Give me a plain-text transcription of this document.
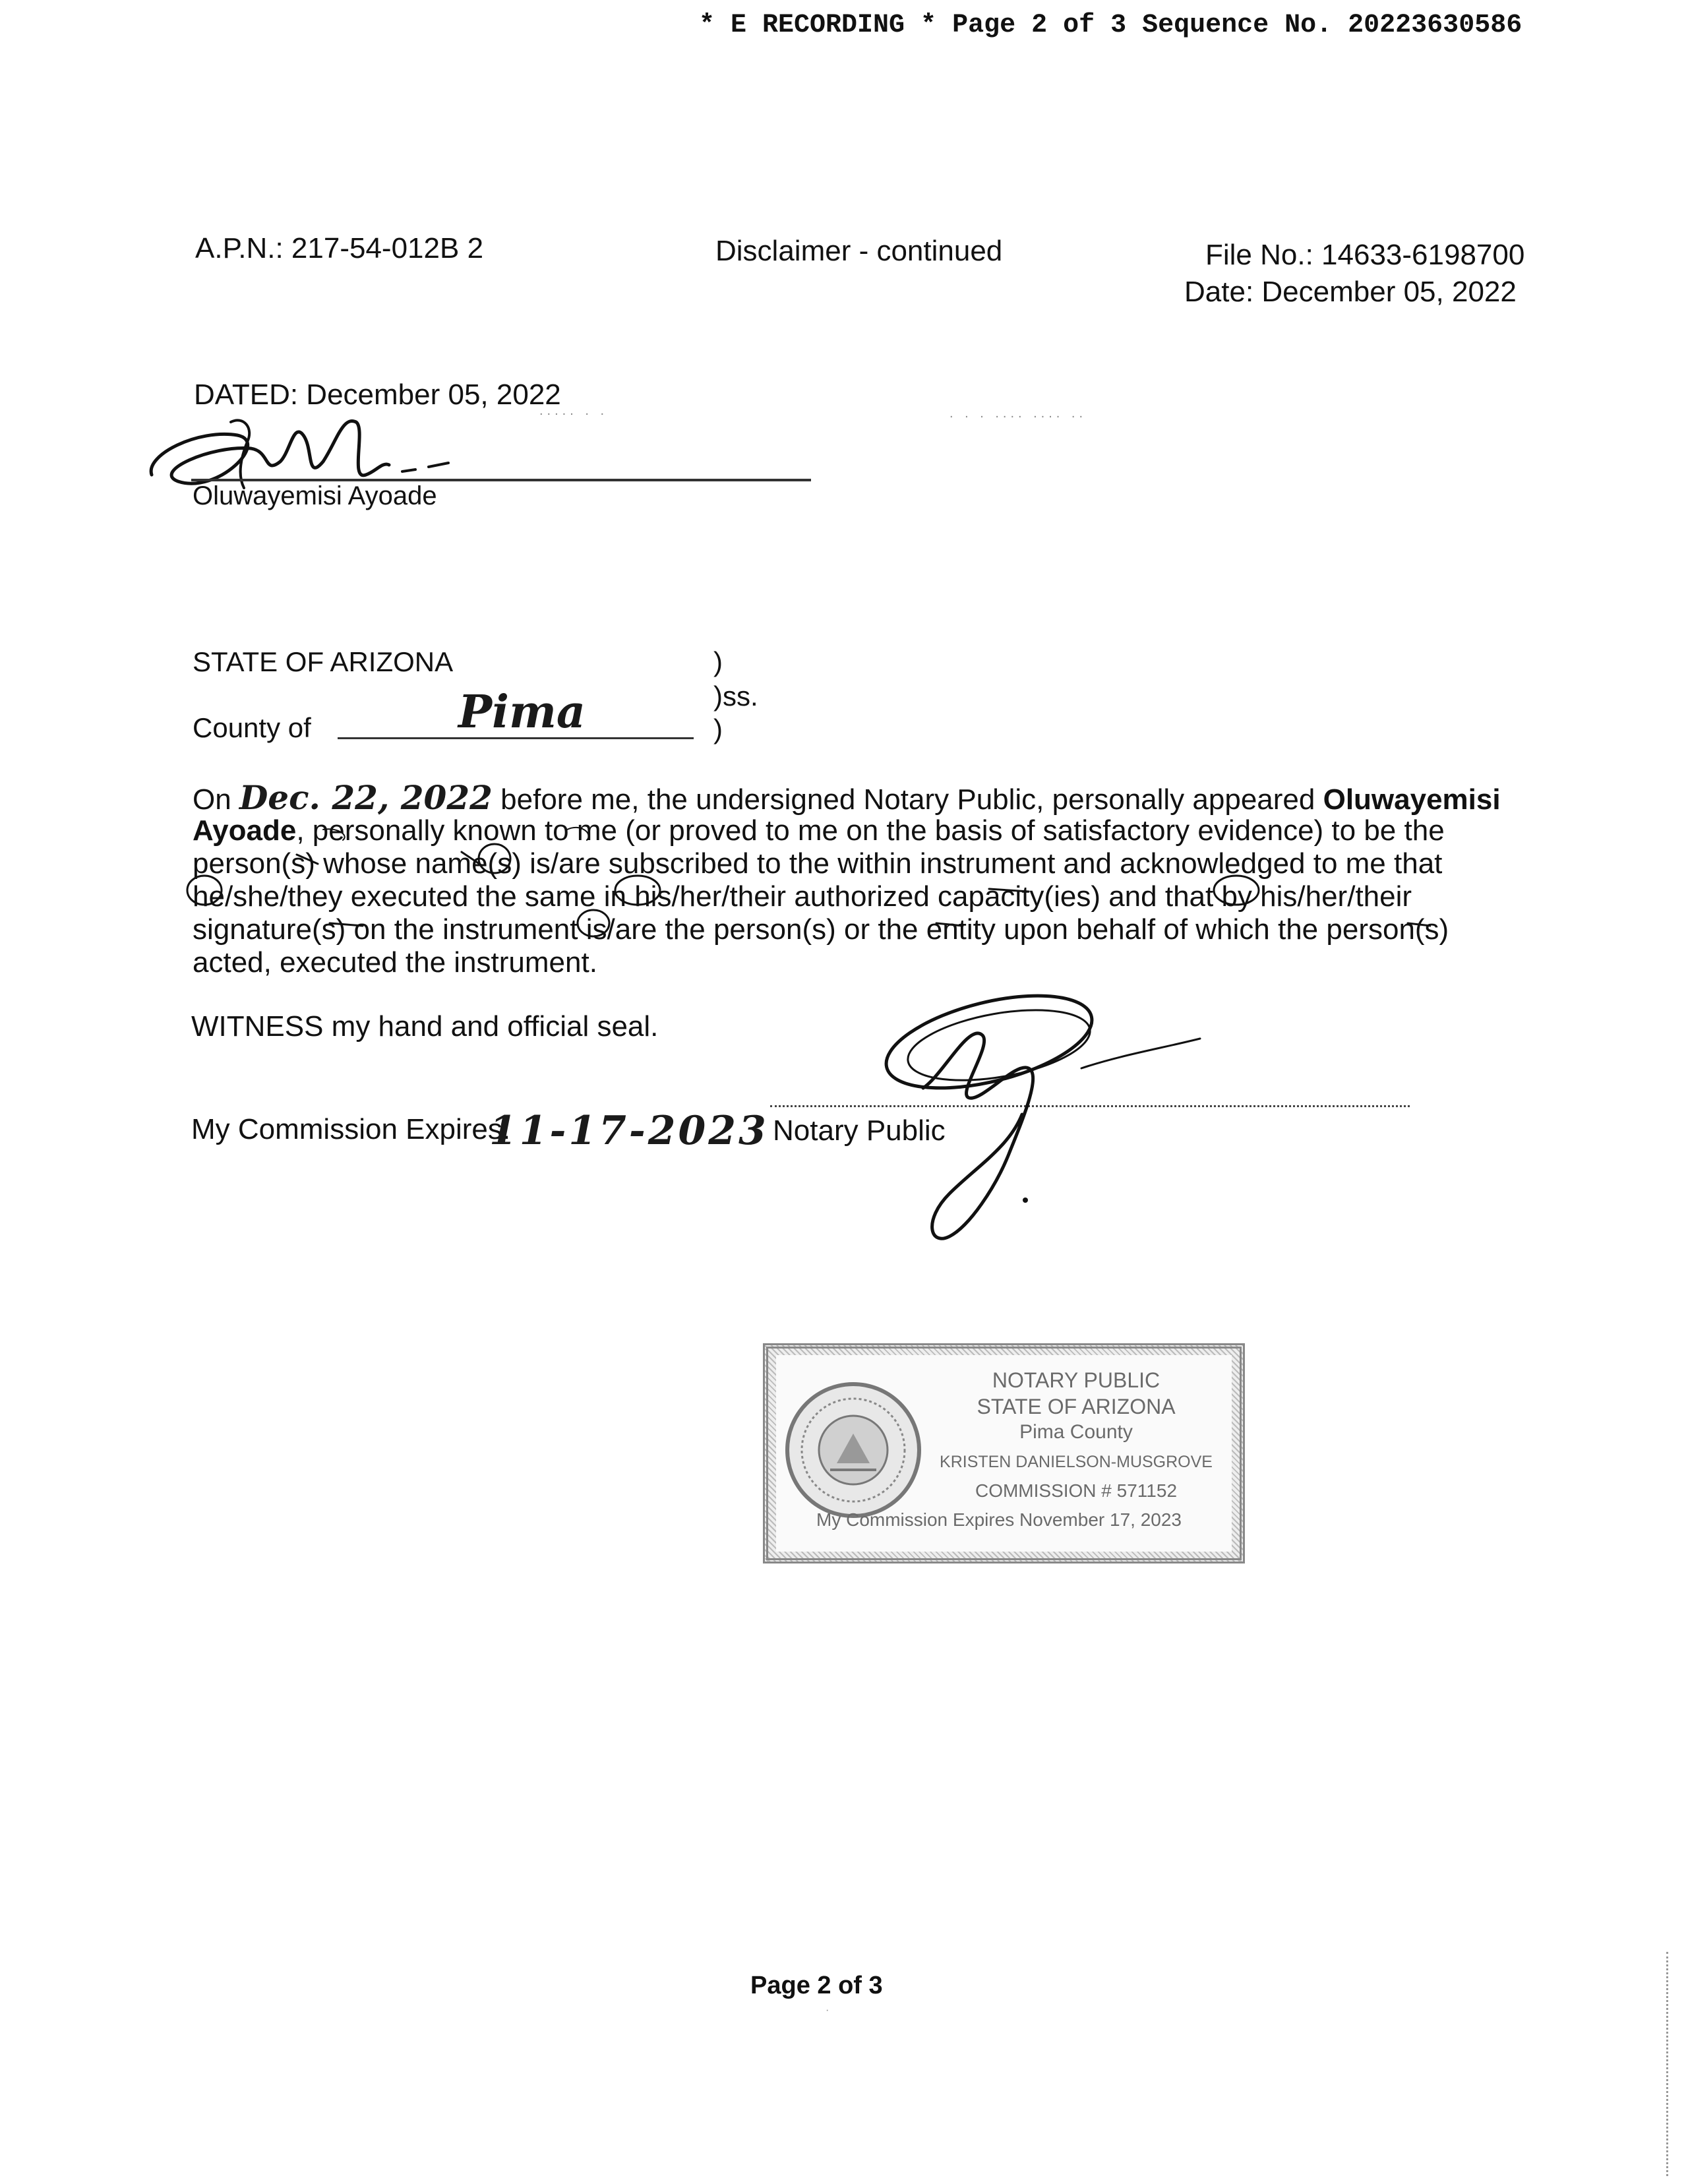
* E RECORDING * Page 2 of 3 Sequence No. 20223630586
A.P.N.: 217-54-012B 2	Disclaimer - continued	File No.: 14633-6198700
Date: December 05, 2022
DATED: December 05, 2022
..... . .	. . . .... .... ..
Oluwayemisi Ayoade
STATE OF ARIZONA
County of	Pima
)
)ss.
)
On Dec. 22, 2022 before me, the undersigned Notary Public, personally appeared Oluwayemisi
Ayoade, personally known to me (or proved to me on the basis of satisfactory evidence) to be the
person(s) whose name(s) is/are subscribed to the within instrument and acknowledged to me that
he/she/they executed the same in his/her/their authorized capacity(ies) and that by his/her/their
signature(s) on the instrument is/are the person(s) or the entity upon behalf of which the person(s)
acted, executed the instrument.
WITNESS my hand and official seal.
My Commission Expires:
11-17-2023 Notary Public
NOTARY PUBLIC
STATE OF ARIZONA
Pima County
KRISTEN DANIELSON-MUSGROVE
COMMISSION # 571152
My Commission Expires November 17, 2023
Page 2 of 3
·
